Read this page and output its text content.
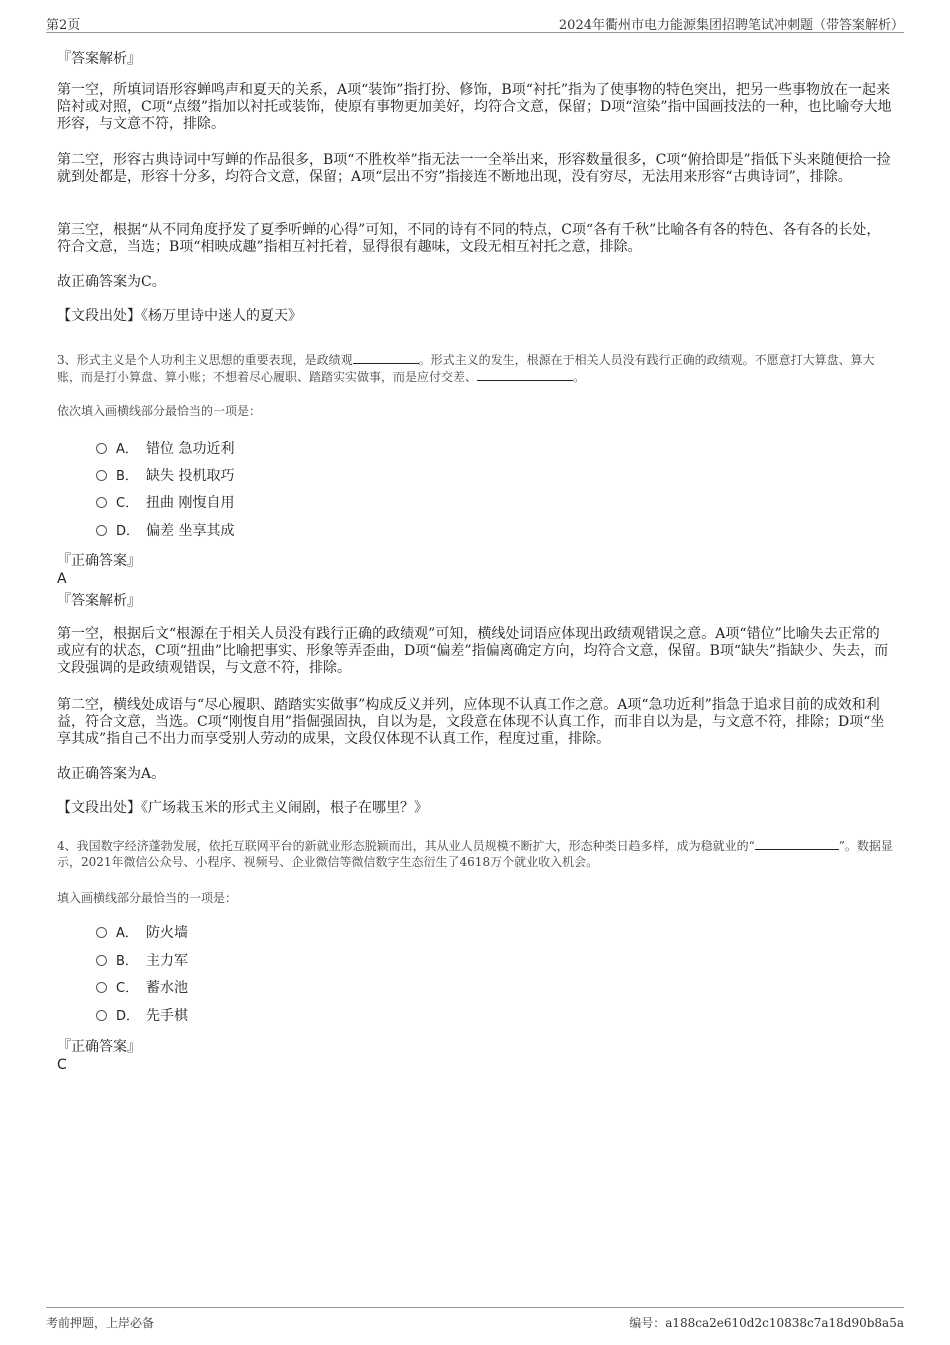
第2页	2024年衢州市电力能源集团招聘笔试冲刺题（带答案解析）

『答案解析』

第一空，所填词语形容蝉鸣声和夏天的关系，A项“装饰”指打扮、修饰，B项“衬托”指为了使事物的特色突出，把另一些事物放在一起来陪衬或对照，C项“点缀”指加以衬托或装饰，使原有事物更加美好，均符合文意，保留；D项“渲染”指中国画技法的一种，也比喻夸大地形容，与文意不符，排除。

第二空，形容古典诗词中写蝉的作品很多，B项“不胜枚举”指无法一一全举出来，形容数量很多，C项“俯拾即是”指低下头来随便拾一捡就到处都是，形容十分多，均符合文意，保留；A项“层出不穷”指接连不断地出现，没有穷尽，无法用来形容“古典诗词”，排除。

第三空，根据“从不同角度抒发了夏季听蝉的心得”可知，不同的诗有不同的特点，C项“各有千秋”比喻各有各的特色、各有各的长处，符合文意，当选；B项“相映成趣”指相互衬托着，显得很有趣味，文段无相互衬托之意，排除。

故正确答案为C。

【文段出处】《杨万里诗中迷人的夏天》

3、形式主义是个人功利主义思想的重要表现，是政绩观	。形式主义的发生，根源在于相关人员没有践行正确的政绩观。不愿意打大算盘、算大账，而是打小算盘、算小账；不想着尽心履职、踏踏实实做事，而是应付交差、	。

依次填入画横线部分最恰当的一项是：

A． 错位 急功近利
B． 缺失 投机取巧
C． 扭曲 刚愎自用
D． 偏差 坐享其成

『正确答案』

A

『答案解析』

第一空，根据后文“根源在于相关人员没有践行正确的政绩观”可知，横线处词语应体现出政绩观错误之意。A项“错位”比喻失去正常的或应有的状态，C项“扭曲”比喻把事实、形象等弄歪曲，D项“偏差”指偏离确定方向，均符合文意，保留。B项“缺失”指缺少、失去，而文段强调的是政绩观错误，与文意不符，排除。

第二空，横线处成语与“尽心履职、踏踏实实做事”构成反义并列，应体现不认真工作之意。A项“急功近利”指急于追求目前的成效和利益，符合文意，当选。C项“刚愎自用”指倔强固执，自以为是，文段意在体现不认真工作，而非自以为是，与文意不符，排除；D项“坐享其成”指自己不出力而享受别人劳动的成果，文段仅体现不认真工作，程度过重，排除。

故正确答案为A。

【文段出处】《广场栽玉米的形式主义闹剧，根子在哪里？》

4、我国数字经济蓬勃发展，依托互联网平台的新就业形态脱颖而出，其从业人员规模不断扩大，形态种类日趋多样，成为稳就业的“	”。数据显示，2021年微信公众号、小程序、视频号、企业微信等微信数字生态衍生了4618万个就业收入机会。

填入画横线部分最恰当的一项是：

A． 防火墙
B． 主力军
C． 蓄水池
D． 先手棋

『正确答案』

C

考前押题，上岸必备	编号：a188ca2e610d2c10838c7a18d90b8a5a
